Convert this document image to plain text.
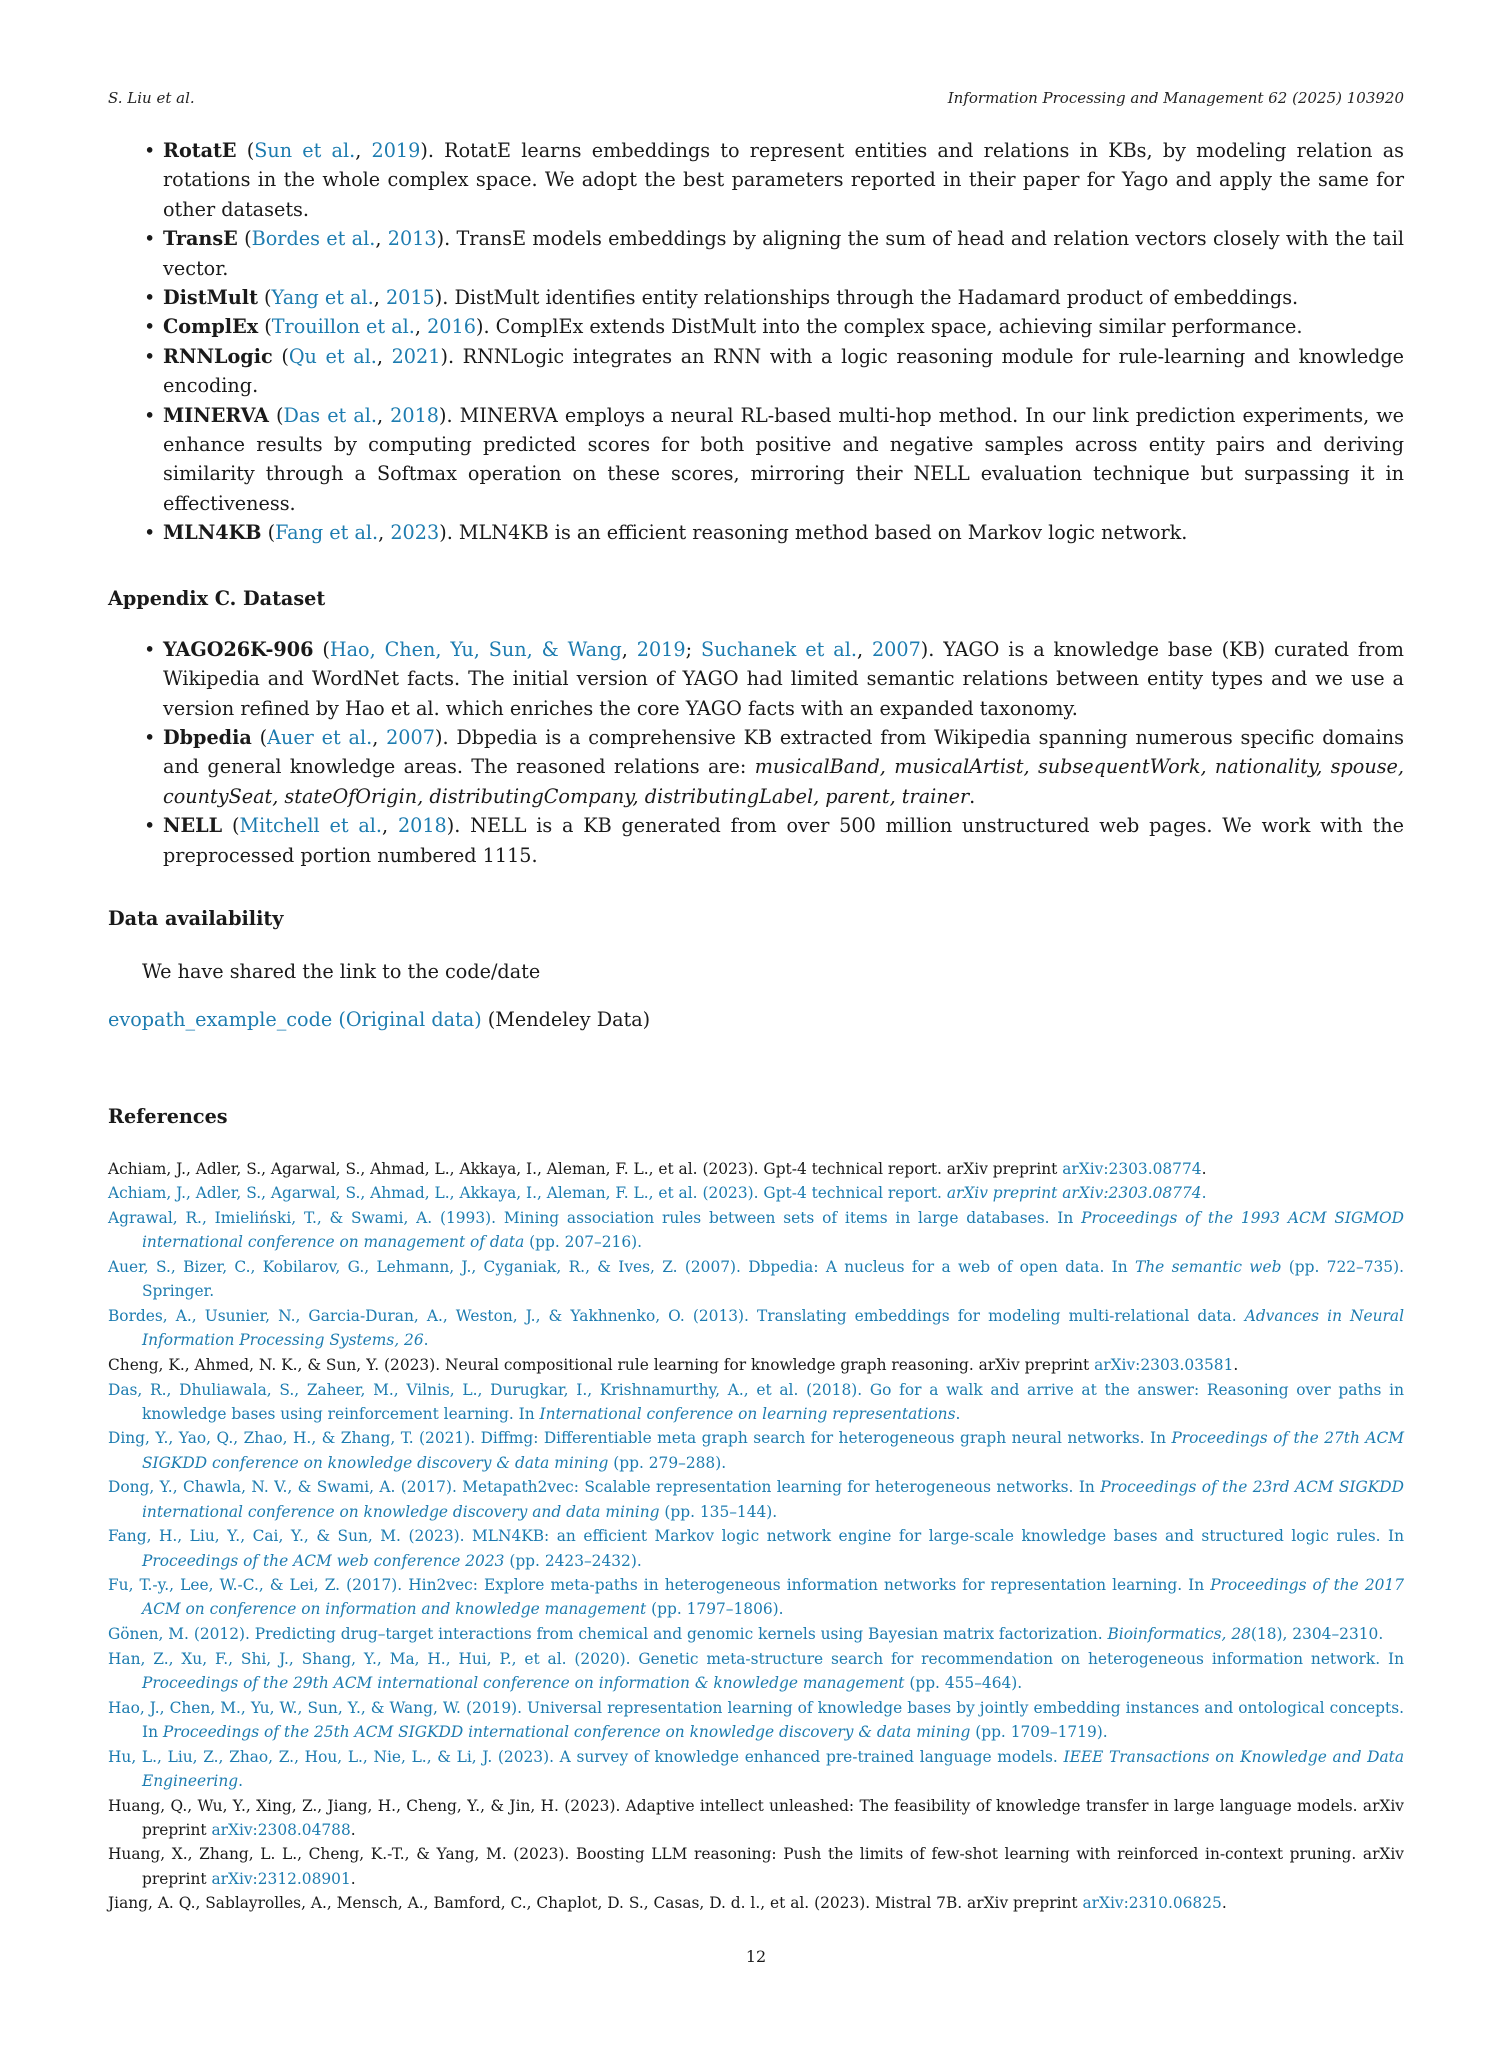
S. Liu et al.	Information Processing and Management 62 (2025) 103920
• RotatE (Sun et al., 2019). RotatE learns embeddings to represent entities and relations in KBs, by modeling relation as rotations in the whole complex space. We adopt the best parameters reported in their paper for Yago and apply the same for other datasets.
• TransE (Bordes et al., 2013). TransE models embeddings by aligning the sum of head and relation vectors closely with the tail vector.
• DistMult (Yang et al., 2015). DistMult identifies entity relationships through the Hadamard product of embeddings.
• ComplEx (Trouillon et al., 2016). ComplEx extends DistMult into the complex space, achieving similar performance.
• RNNLogic (Qu et al., 2021). RNNLogic integrates an RNN with a logic reasoning module for rule-learning and knowledge encoding.
• MINERVA (Das et al., 2018). MINERVA employs a neural RL-based multi-hop method. In our link prediction experiments, we enhance results by computing predicted scores for both positive and negative samples across entity pairs and deriving similarity through a Softmax operation on these scores, mirroring their NELL evaluation technique but surpassing it in effectiveness.
• MLN4KB (Fang et al., 2023). MLN4KB is an efficient reasoning method based on Markov logic network.
Appendix C. Dataset
• YAGO26K-906 (Hao, Chen, Yu, Sun, & Wang, 2019; Suchanek et al., 2007). YAGO is a knowledge base (KB) curated from Wikipedia and WordNet facts. The initial version of YAGO had limited semantic relations between entity types and we use a version refined by Hao et al. which enriches the core YAGO facts with an expanded taxonomy.
• Dbpedia (Auer et al., 2007). Dbpedia is a comprehensive KB extracted from Wikipedia spanning numerous specific domains and general knowledge areas. The reasoned relations are: musicalBand, musicalArtist, subsequentWork, nationality, spouse, countySeat, stateOfOrigin, distributingCompany, distributingLabel, parent, trainer.
• NELL (Mitchell et al., 2018). NELL is a KB generated from over 500 million unstructured web pages. We work with the preprocessed portion numbered 1115.
Data availability
We have shared the link to the code/date
evopath_example_code (Original data) (Mendeley Data)
References
Achiam, J., Adler, S., Agarwal, S., Ahmad, L., Akkaya, I., Aleman, F. L., et al. (2023). Gpt-4 technical report. arXiv preprint arXiv:2303.08774.
Achiam, J., Adler, S., Agarwal, S., Ahmad, L., Akkaya, I., Aleman, F. L., et al. (2023). Gpt-4 technical report. arXiv preprint arXiv:2303.08774.
Agrawal, R., Imieliński, T., & Swami, A. (1993). Mining association rules between sets of items in large databases. In Proceedings of the 1993 ACM SIGMOD international conference on management of data (pp. 207–216).
Auer, S., Bizer, C., Kobilarov, G., Lehmann, J., Cyganiak, R., & Ives, Z. (2007). Dbpedia: A nucleus for a web of open data. In The semantic web (pp. 722–735). Springer.
Bordes, A., Usunier, N., Garcia-Duran, A., Weston, J., & Yakhnenko, O. (2013). Translating embeddings for modeling multi-relational data. Advances in Neural Information Processing Systems, 26.
Cheng, K., Ahmed, N. K., & Sun, Y. (2023). Neural compositional rule learning for knowledge graph reasoning. arXiv preprint arXiv:2303.03581.
Das, R., Dhuliawala, S., Zaheer, M., Vilnis, L., Durugkar, I., Krishnamurthy, A., et al. (2018). Go for a walk and arrive at the answer: Reasoning over paths in knowledge bases using reinforcement learning. In International conference on learning representations.
Ding, Y., Yao, Q., Zhao, H., & Zhang, T. (2021). Diffmg: Differentiable meta graph search for heterogeneous graph neural networks. In Proceedings of the 27th ACM SIGKDD conference on knowledge discovery & data mining (pp. 279–288).
Dong, Y., Chawla, N. V., & Swami, A. (2017). Metapath2vec: Scalable representation learning for heterogeneous networks. In Proceedings of the 23rd ACM SIGKDD international conference on knowledge discovery and data mining (pp. 135–144).
Fang, H., Liu, Y., Cai, Y., & Sun, M. (2023). MLN4KB: an efficient Markov logic network engine for large-scale knowledge bases and structured logic rules. In Proceedings of the ACM web conference 2023 (pp. 2423–2432).
Fu, T.-y., Lee, W.-C., & Lei, Z. (2017). Hin2vec: Explore meta-paths in heterogeneous information networks for representation learning. In Proceedings of the 2017 ACM on conference on information and knowledge management (pp. 1797–1806).
Gönen, M. (2012). Predicting drug–target interactions from chemical and genomic kernels using Bayesian matrix factorization. Bioinformatics, 28(18), 2304–2310.
Han, Z., Xu, F., Shi, J., Shang, Y., Ma, H., Hui, P., et al. (2020). Genetic meta-structure search for recommendation on heterogeneous information network. In Proceedings of the 29th ACM international conference on information & knowledge management (pp. 455–464).
Hao, J., Chen, M., Yu, W., Sun, Y., & Wang, W. (2019). Universal representation learning of knowledge bases by jointly embedding instances and ontological concepts. In Proceedings of the 25th ACM SIGKDD international conference on knowledge discovery & data mining (pp. 1709–1719).
Hu, L., Liu, Z., Zhao, Z., Hou, L., Nie, L., & Li, J. (2023). A survey of knowledge enhanced pre-trained language models. IEEE Transactions on Knowledge and Data Engineering.
Huang, Q., Wu, Y., Xing, Z., Jiang, H., Cheng, Y., & Jin, H. (2023). Adaptive intellect unleashed: The feasibility of knowledge transfer in large language models. arXiv preprint arXiv:2308.04788.
Huang, X., Zhang, L. L., Cheng, K.-T., & Yang, M. (2023). Boosting LLM reasoning: Push the limits of few-shot learning with reinforced in-context pruning. arXiv preprint arXiv:2312.08901.
Jiang, A. Q., Sablayrolles, A., Mensch, A., Bamford, C., Chaplot, D. S., Casas, D. d. l., et al. (2023). Mistral 7B. arXiv preprint arXiv:2310.06825.
12
